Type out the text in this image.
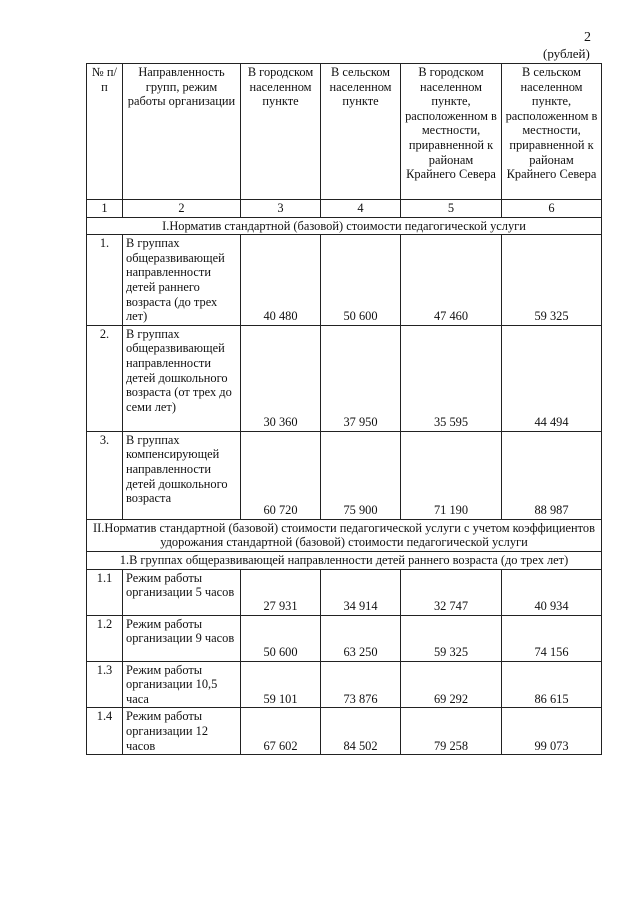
2
(рублей)
№ п/п	Направленность групп, режим работы организации	В городском населенном пункте	В сельском населенном пункте	В городском населенном пункте, расположенном в местности, приравненной к районам Крайнего Севера	В сельском населенном пункте, расположенном в местности, приравненной к районам Крайнего Севера
1	2	3	4	5	6
I.Норматив стандартной (базовой) стоимости педагогической услуги					
1.	В группах общеразвивающей направленности детей раннего возраста (до трех лет)	40 480	50 600	47 460	59 325
2.	В группах общеразвивающей направленности детей дошкольного возраста (от трех до семи лет)	30 360	37 950	35 595	44 494
3.	В группах компенсирующей направленности детей дошкольного возраста	60 720	75 900	71 190	88 987
II.Норматив стандартной (базовой) стоимости педагогической услуги с учетом коэффициентов удорожания стандартной (базовой) стоимости педагогической услуги					
1.В группах общеразвивающей направленности детей раннего возраста (до трех лет)					
1.1	Режим работы организации 5 часов	27 931	34 914	32 747	40 934
1.2	Режим работы организации 9 часов	50 600	63 250	59 325	74 156
1.3	Режим работы организации 10,5 часа	59 101	73 876	69 292	86 615
1.4	Режим работы организации 12 часов	67 602	84 502	79 258	99 073
